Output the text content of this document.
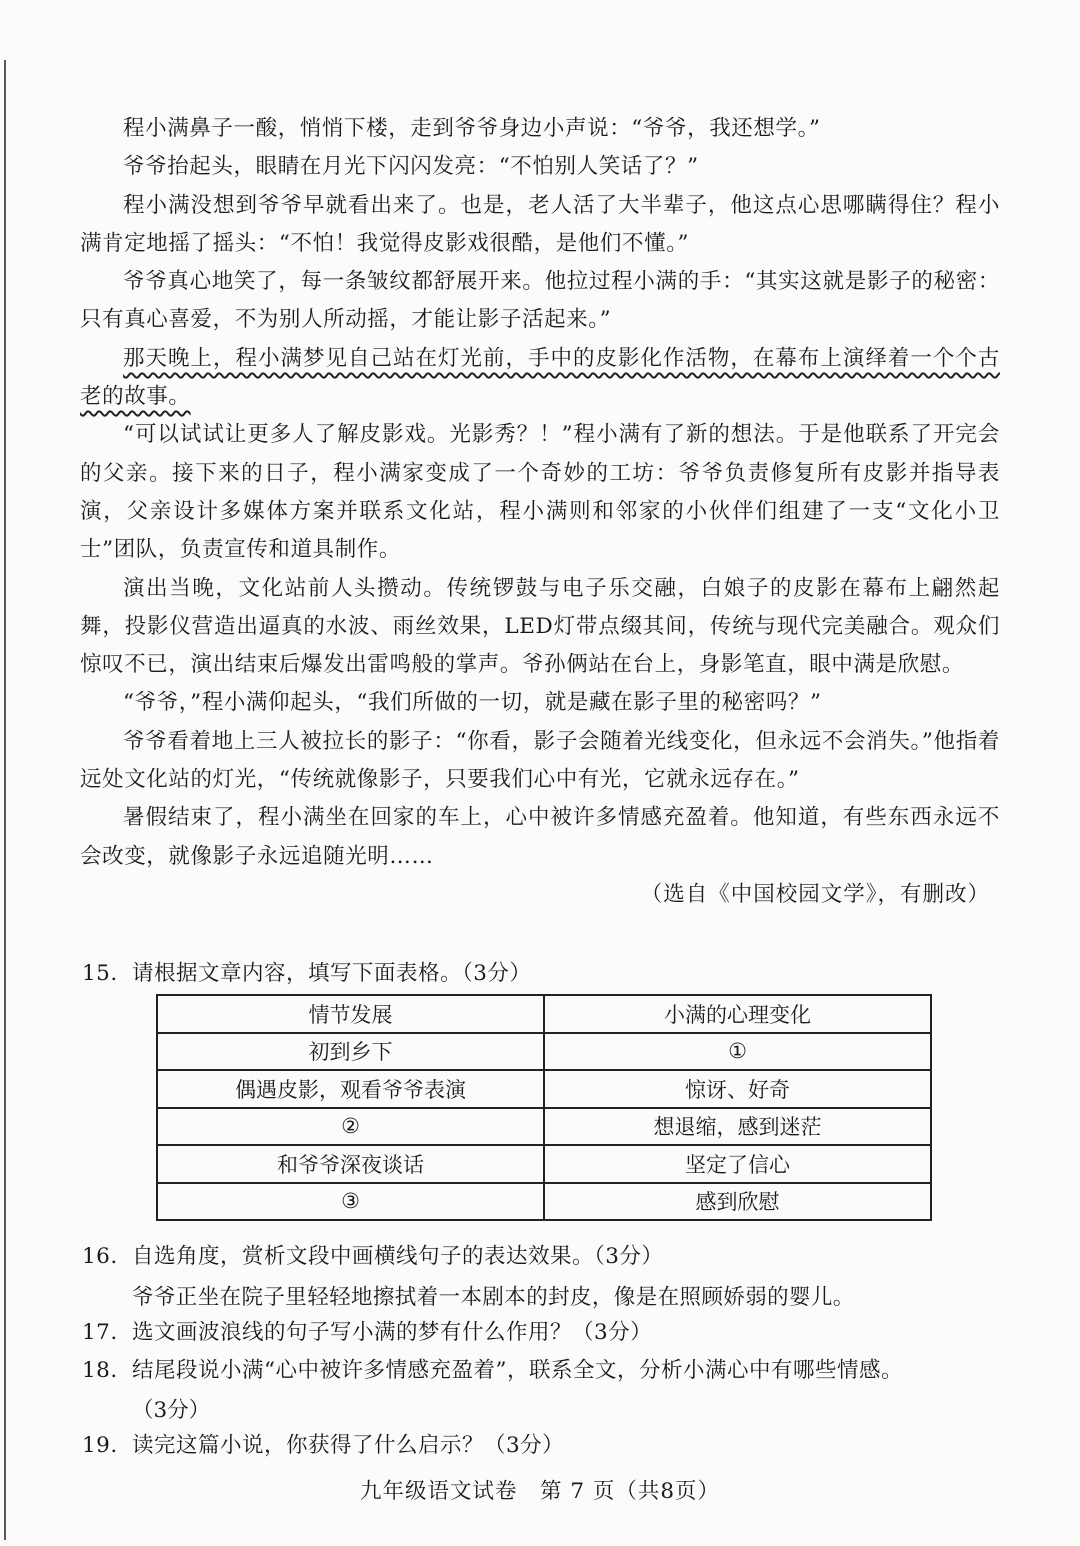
程小满鼻子一酸，悄悄下楼，走到爷爷身边小声说：“爷爷，我还想学。”

爷爷抬起头，眼睛在月光下闪闪发亮：“不怕别人笑话了？”

程小满没想到爷爷早就看出来了。也是，老人活了大半辈子，他这点心思哪瞒得住？程小满肯定地摇了摇头：“不怕！我觉得皮影戏很酷，是他们不懂。”

爷爷真心地笑了，每一条皱纹都舒展开来。他拉过程小满的手：“其实这就是影子的秘密：只有真心喜爱，不为别人所动摇，才能让影子活起来。”

那天晚上，程小满梦见自己站在灯光前，手中的皮影化作活物，在幕布上演绎着一个个古老的故事。

“可以试试让更多人了解皮影戏。光影秀？！”程小满有了新的想法。于是他联系了开完会的父亲。接下来的日子，程小满家变成了一个奇妙的工坊：爷爷负责修复所有皮影并指导表演，父亲设计多媒体方案并联系文化站，程小满则和邻家的小伙伴们组建了一支“文化小卫士”团队，负责宣传和道具制作。

演出当晚，文化站前人头攒动。传统锣鼓与电子乐交融，白娘子的皮影在幕布上翩然起舞，投影仪营造出逼真的水波、雨丝效果，LED灯带点缀其间，传统与现代完美融合。观众们惊叹不已，演出结束后爆发出雷鸣般的掌声。爷孙俩站在台上，身影笔直，眼中满是欣慰。

“爷爷，”程小满仰起头，“我们所做的一切，就是藏在影子里的秘密吗？”

爷爷看着地上三人被拉长的影子：“你看，影子会随着光线变化，但永远不会消失。”他指着远处文化站的灯光，“传统就像影子，只要我们心中有光，它就永远存在。”

暑假结束了，程小满坐在回家的车上，心中被许多情感充盈着。他知道，有些东西永远不会改变，就像影子永远追随光明……

（选自《中国校园文学》，有删改）

15. 请根据文章内容，填写下面表格。（3分）
情节发展	小满的心理变化
初到乡下	①
偶遇皮影，观看爷爷表演	惊讶、好奇
②	想退缩，感到迷茫
和爷爷深夜谈话	坚定了信心
③	感到欣慰
16. 自选角度，赏析文段中画横线句子的表达效果。（3分）
爷爷正坐在院子里轻轻地擦拭着一本剧本的封皮，像是在照顾娇弱的婴儿。
17. 选文画波浪线的句子写小满的梦有什么作用？（3分）
18. 结尾段说小满“心中被许多情感充盈着”，联系全文，分析小满心中有哪些情感。
（3分）
19. 读完这篇小说，你获得了什么启示？（3分）
九年级语文试卷　第 7 页（共8页）
